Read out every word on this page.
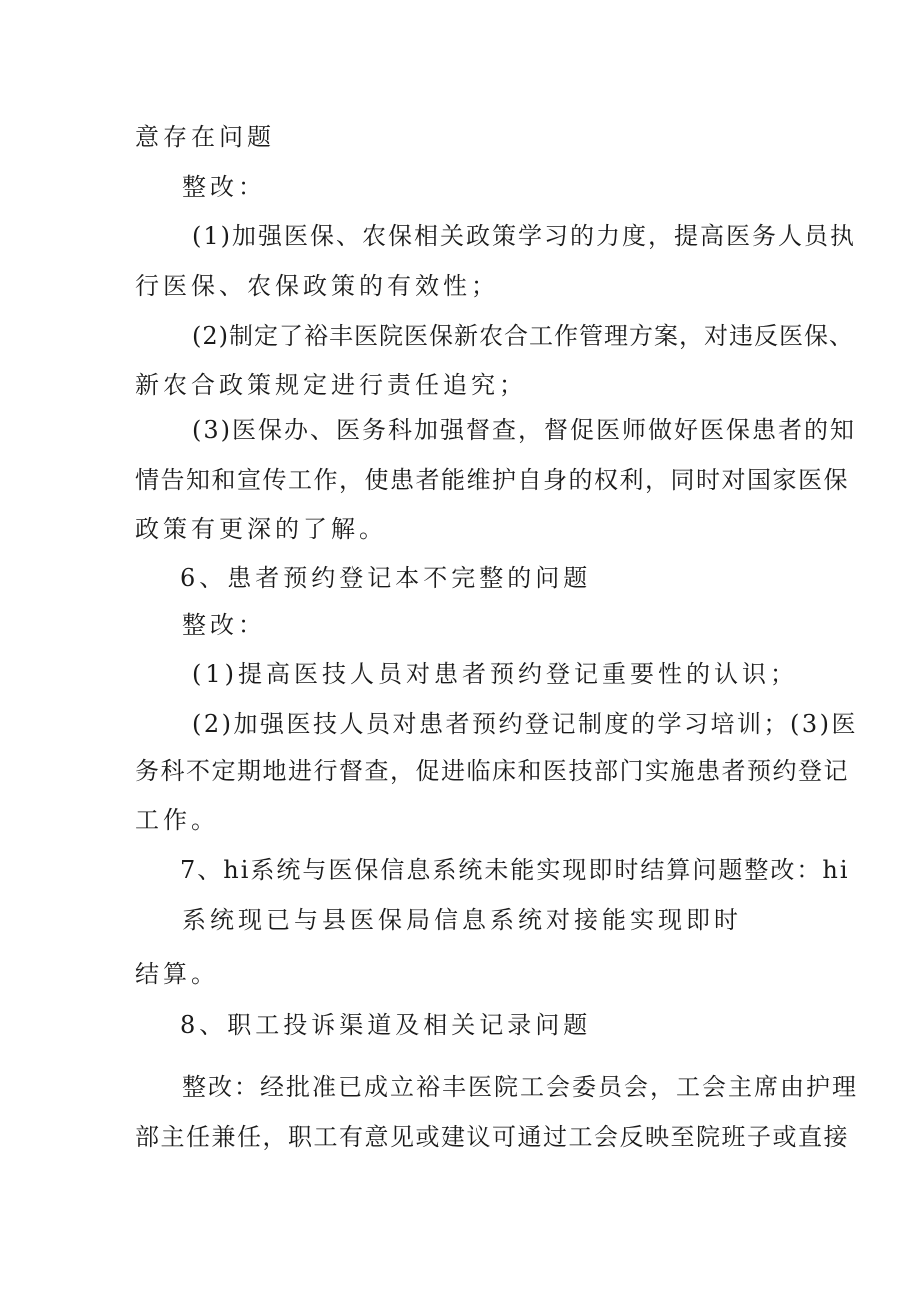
意存在问题
整改：
(1)加强医保、农保相关政策学习的力度，提高医务人员执
行医保、农保政策的有效性；
(2)制定了裕丰医院医保新农合工作管理方案，对违反医保、
新农合政策规定进行责任追究；
(3)医保办、医务科加强督查，督促医师做好医保患者的知
情告知和宣传工作，使患者能维护自身的权利，同时对国家医保
政策有更深的了解。
6、患者预约登记本不完整的问题
整改：
(1)提高医技人员对患者预约登记重要性的认识；
(2)加强医技人员对患者预约登记制度的学习培训；(3)医
务科不定期地进行督查，促进临床和医技部门实施患者预约登记
工作。
7、hi系统与医保信息系统未能实现即时结算问题整改：hi
系统现已与县医保局信息系统对接能实现即时
结算。
8、职工投诉渠道及相关记录问题
整改：经批准已成立裕丰医院工会委员会，工会主席由护理
部主任兼任，职工有意见或建议可通过工会反映至院班子或直接
